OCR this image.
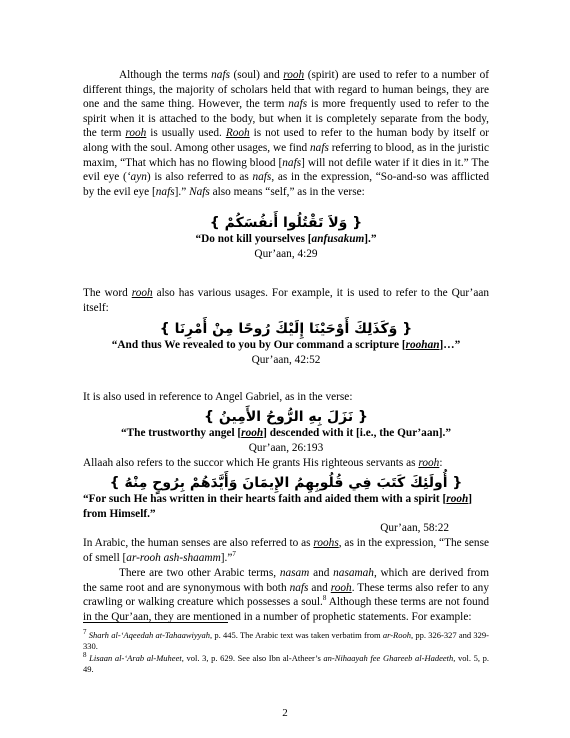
Although the terms nafs (soul) and rooh (spirit) are used to refer to a number of different things, the majority of scholars held that with regard to human beings, they are one and the same thing. However, the term nafs is more frequently used to refer to the spirit when it is attached to the body, but when it is completely separate from the body, the term rooh is usually used. Rooh is not used to refer to the human body by itself or along with the soul. Among other usages, we find nafs referring to blood, as in the juristic maxim, “That which has no flowing blood [nafs] will not defile water if it dies in it.” The evil eye (‘ayn) is also referred to as nafs, as in the expression, “So-and-so was afflicted by the evil eye [nafs].” Nafs also means “self,” as in the verse:

{ وَلاَ تَقْتُلُوا أَنفُسَكُمْ }
“Do not kill yourselves [anfusakum].”
Qur’aan, 4:29

The word rooh also has various usages. For example, it is used to refer to the Qur’aan itself:

{ وَكَذَلِكَ أَوْحَيْنَا إِلَيْكَ رُوحًا مِنْ أَمْرِنَا }
“And thus We revealed to you by Our command a scripture [roohan]…”
Qur’aan, 42:52

It is also used in reference to Angel Gabriel, as in the verse:

{ نَزَلَ بِهِ الرُّوحُ الأَمِينُ }
“The trustworthy angel [rooh] descended with it [i.e., the Qur’aan].”
Qur’aan, 26:193

Allaah also refers to the succor which He grants His righteous servants as rooh:

{ أُولَئِكَ كَتَبَ فِي قُلُوبِهِمُ الإِيمَانَ وَأَيَّدَهُمْ بِرُوحٍ مِنْهُ }
“For such He has written in their hearts faith and aided them with a spirit [rooh] from Himself.”
Qur’aan, 58:22

In Arabic, the human senses are also referred to as roohs, as in the expression, “The sense of smell [ar-rooh ash-shaamm].”$^7$

There are two other Arabic terms, nasam and nasamah, which are derived from the same root and are synonymous with both nafs and rooh. These terms also refer to any crawling or walking creature which possesses a soul.$^8$ Although these terms are not found in the Qur’aan, they are mentioned in a number of prophetic statements. For example:

$^7$ Sharh al-‘Aqeedah at-Tahaawiyyah, p. 445. The Arabic text was taken verbatim from ar-Rooh, pp. 326-327 and 329-330.
$^8$ Lisaan al-‘Arab al-Muheet, vol. 3, p. 629. See also Ibn al-Atheer’s an-Nihaayah fee Ghareeb al-Hadeeth, vol. 5, p. 49.
2
